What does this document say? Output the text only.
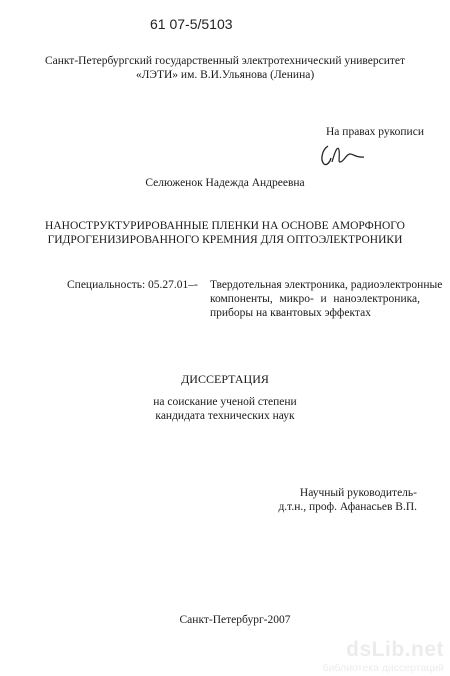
61 07-5/5103
Санкт-Петербургский государственный электротехнический университет
«ЛЭТИ» им. В.И.Ульянова (Ленина)
На правах рукописи
Селюженок Надежда Андреевна
НАНОСТРУКТУРИРОВАННЫЕ ПЛЕНКИ НА ОСНОВЕ АМОРФНОГО
ГИДРОГЕНИЗИРОВАННОГО КРЕМНИЯ ДЛЯ ОПТОЭЛЕКТРОНИКИ
Специальность: 05.27.01–- Твердотельная электроника, радиоэлектронные
компоненты, микро- и наноэлектроника,
приборы на квантовых эффектах
ДИССЕРТАЦИЯ
на соискание ученой степени
кандидата технических наук
Научный руководитель-
д.т.н., проф. Афанасьев В.П.
Санкт-Петербург-2007
dsLib.net
библиотека диссертаций
